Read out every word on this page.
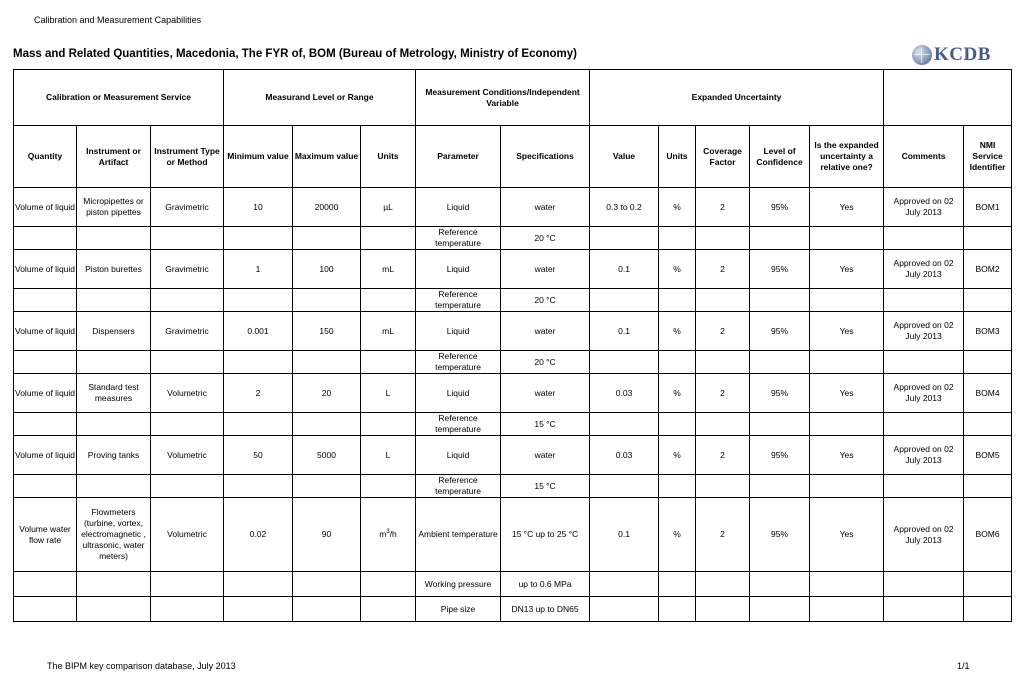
Calibration and Measurement Capabilities
Mass and Related Quantities, Macedonia, The FYR of, BOM (Bureau of Metrology, Ministry of Economy)	KCDB
Calibration or Measurement Service			Measurand Level or Range			Measurement Conditions/Independent Variable		Expanded Uncertainty						
Quantity	Instrument or Artifact	Instrument Type or Method	Minimum value	Maximum value	Units	Parameter	Specifications	Value	Units	Coverage Factor	Level of Confidence	Is the expanded uncertainty a relative one?	Comments	NMI Service Identifier
Volume of liquid	Micropipettes or piston pipettes	Gravimetric	10	20000	µL	Liquid	water	0.3 to 0.2	%	2	95%	Yes	Approved on 02 July 2013	BOM1
						Reference temperature	20 °C							
Volume of liquid	Piston burettes	Gravimetric	1	100	mL	Liquid	water	0.1	%	2	95%	Yes	Approved on 02 July 2013	BOM2
						Reference temperature	20 °C							
Volume of liquid	Dispensers	Gravimetric	0.001	150	mL	Liquid	water	0.1	%	2	95%	Yes	Approved on 02 July 2013	BOM3
						Reference temperature	20 °C							
Volume of liquid	Standard test measures	Volumetric	2	20	L	Liquid	water	0.03	%	2	95%	Yes	Approved on 02 July 2013	BOM4
						Reference temperature	15 °C							
Volume of liquid	Proving tanks	Volumetric	50	5000	L	Liquid	water	0.03	%	2	95%	Yes	Approved on 02 July 2013	BOM5
						Reference temperature	15 °C							
Volume water flow rate	Flowmeters (turbine, vortex, electromagnetic , ultrasonic, water meters)	Volumetric	0.02	90	$m^3/h$	Ambient temperature	15 °C up to 25 °C	0.1	%	2	95%	Yes	Approved on 02 July 2013	BOM6
						Working pressure	up to 0.6 MPa							
						Pipe size	DN13 up to DN65							
The BIPM key comparison database, July 2013	1/1
